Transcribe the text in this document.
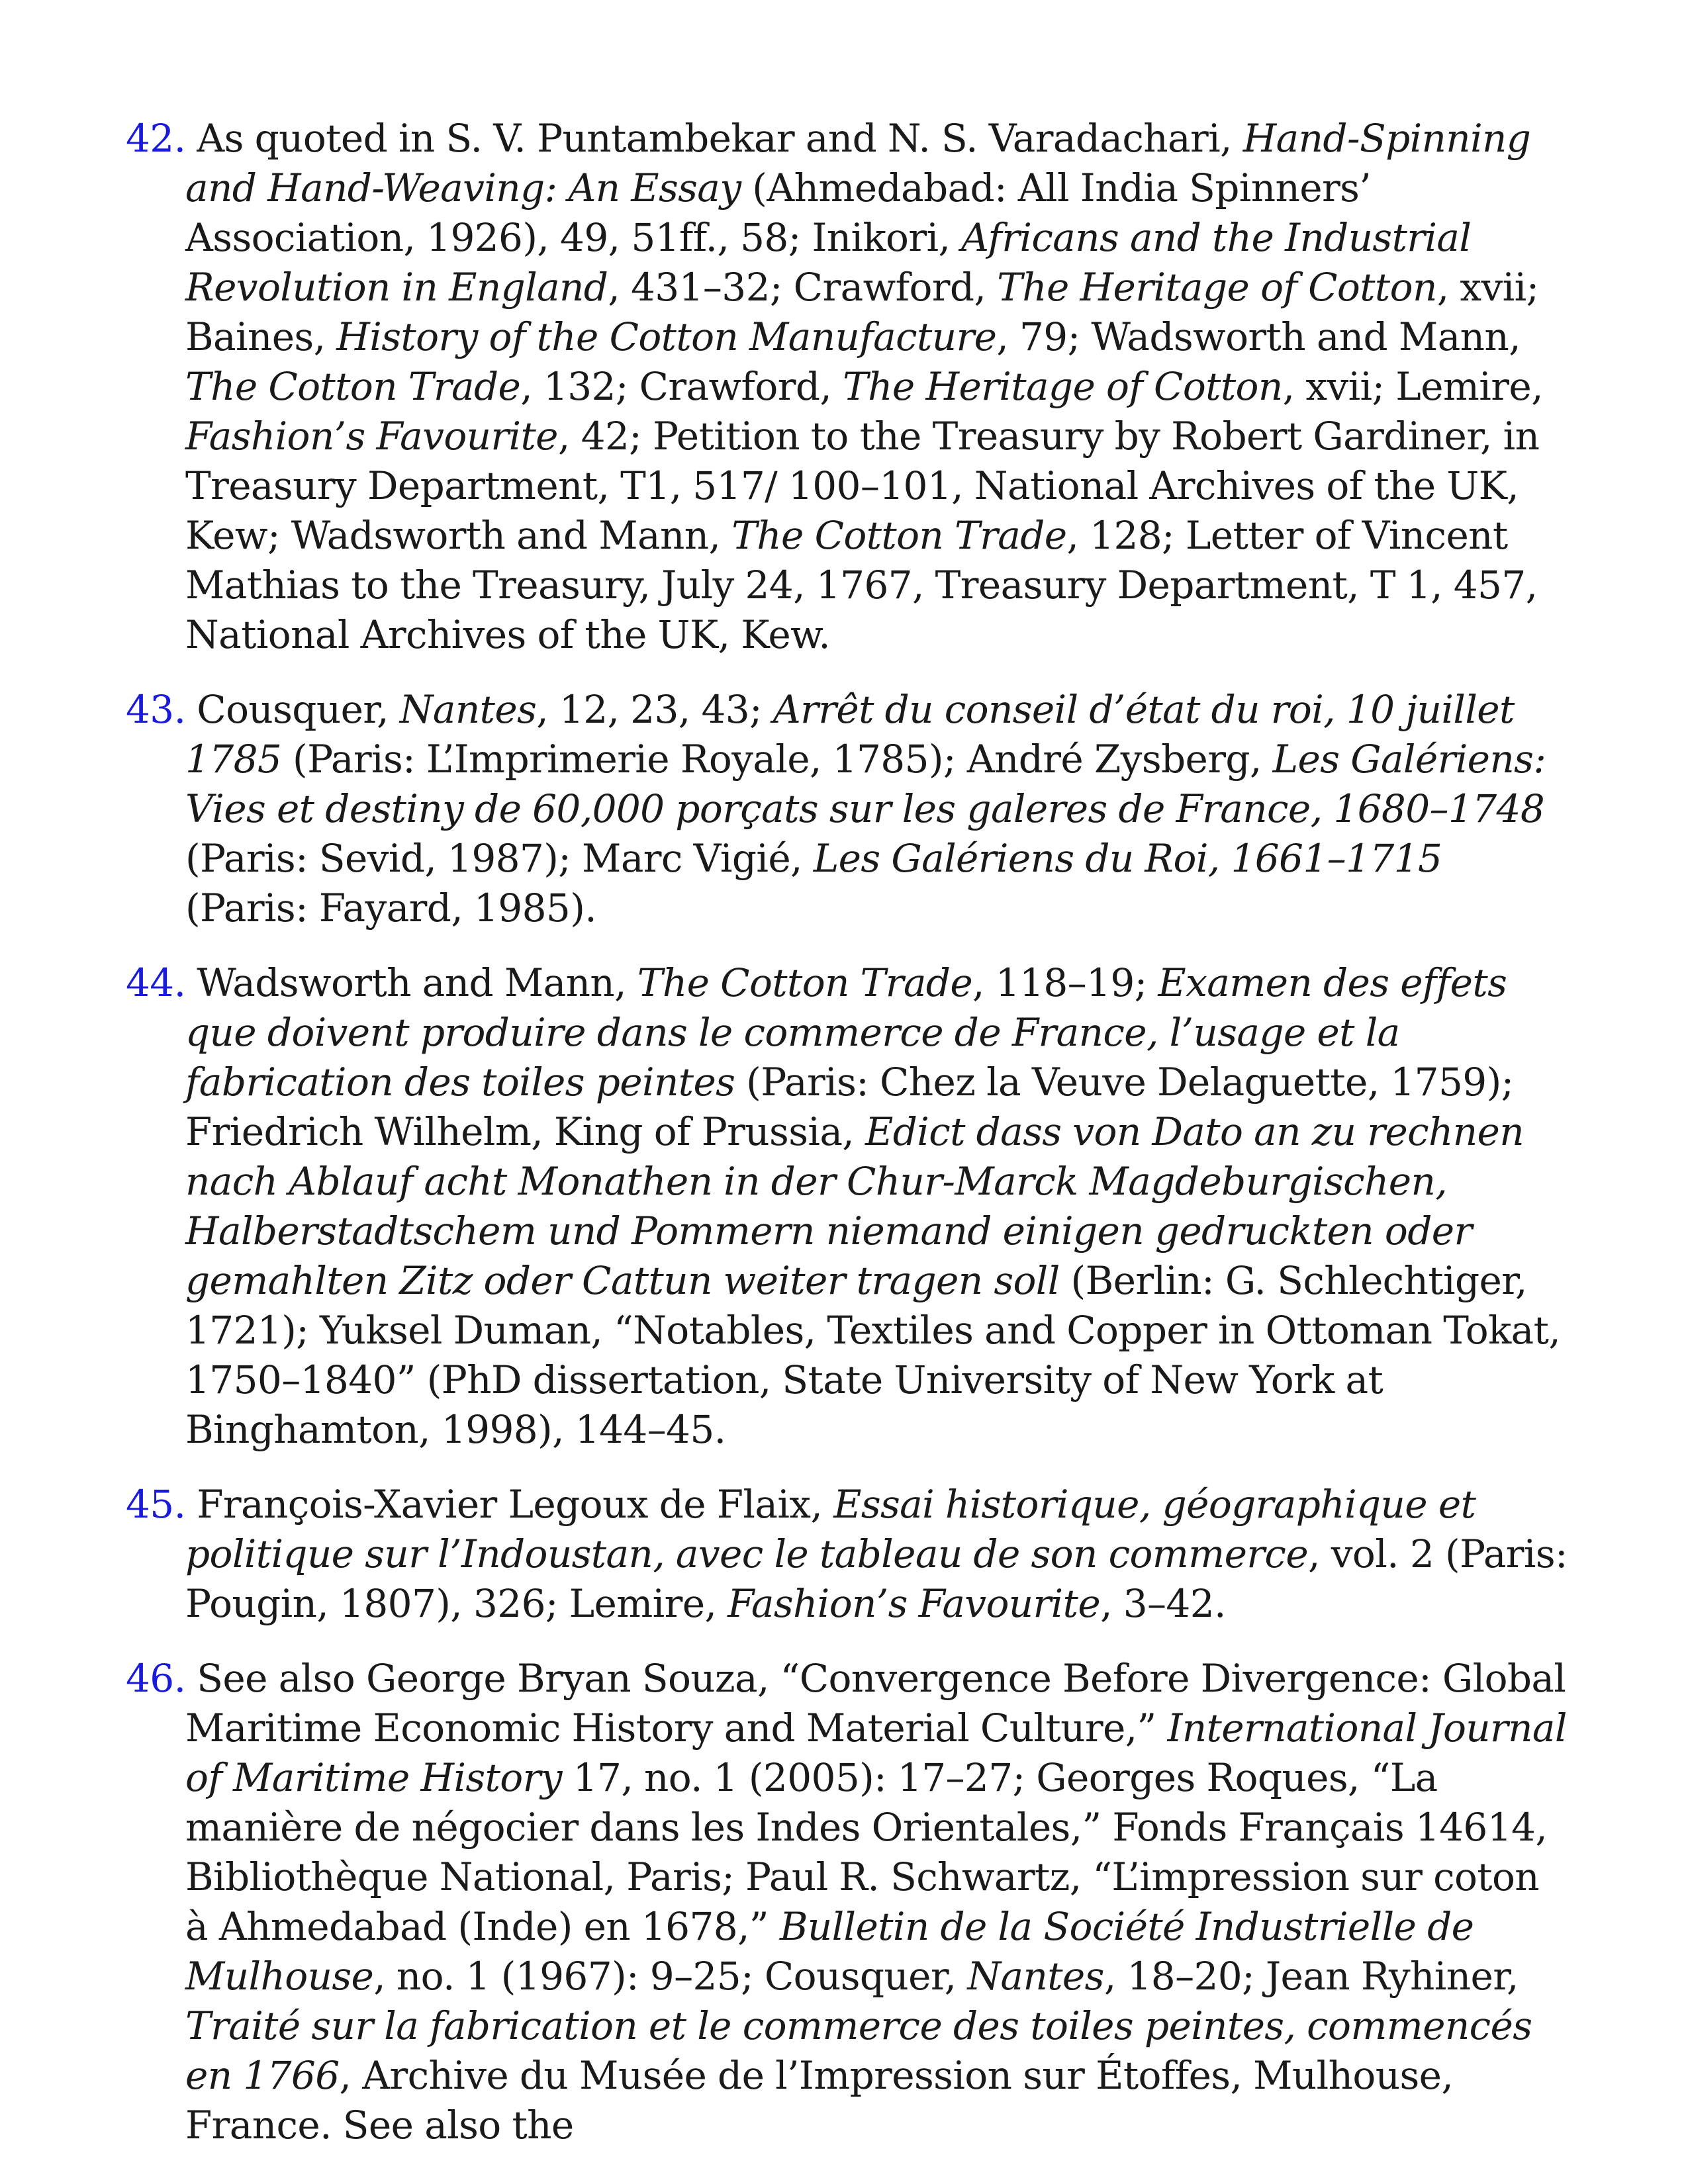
42. As quoted in S. V. Puntambekar and N. S. Varadachari, Hand-Spinning and Hand-Weaving: An Essay (Ahmedabad: All India Spinners’ Association, 1926), 49, 51ff., 58; Inikori, Africans and the Industrial Revolution in England, 431–32; Crawford, The Heritage of Cotton, xvii; Baines, History of the Cotton Manufacture, 79; Wadsworth and Mann, The Cotton Trade, 132; Crawford, The Heritage of Cotton, xvii; Lemire, Fashion’s Favourite, 42; Petition to the Treasury by Robert Gardiner, in Treasury Department, T1, 517/ 100–101, National Archives of the UK, Kew; Wadsworth and Mann, The Cotton Trade, 128; Letter of Vincent Mathias to the Treasury, July 24, 1767, Treasury Department, T 1, 457, National Archives of the UK, Kew.
43. Cousquer, Nantes, 12, 23, 43; Arrêt du conseil d’état du roi, 10 juillet 1785 (Paris: L’Imprimerie Royale, 1785); André Zysberg, Les Galériens: Vies et destiny de 60,000 porçats sur les galeres de France, 1680–1748 (Paris: Sevid, 1987); Marc Vigié, Les Galériens du Roi, 1661–1715 (Paris: Fayard, 1985).
44. Wadsworth and Mann, The Cotton Trade, 118–19; Examen des effets que doivent produire dans le commerce de France, l’usage et la fabrication des toiles peintes (Paris: Chez la Veuve Delaguette, 1759); Friedrich Wilhelm, King of Prussia, Edict dass von Dato an zu rechnen nach Ablauf acht Monathen in der Chur-Marck Magdeburgischen, Halberstadtschem und Pommern niemand einigen gedruckten oder gemahlten Zitz oder Cattun weiter tragen soll (Berlin: G. Schlechtiger, 1721); Yuksel Duman, “Notables, Textiles and Copper in Ottoman Tokat, 1750–1840” (PhD dissertation, State University of New York at Binghamton, 1998), 144–45.
45. François-Xavier Legoux de Flaix, Essai historique, géographique et politique sur l’Indoustan, avec le tableau de son commerce, vol. 2 (Paris: Pougin, 1807), 326; Lemire, Fashion’s Favourite, 3–42.
46. See also George Bryan Souza, “Convergence Before Divergence: Global Maritime Economic History and Material Culture,” International Journal of Maritime History 17, no. 1 (2005): 17–27; Georges Roques, “La manière de négocier dans les Indes Orientales,” Fonds Français 14614, Bibliothèque National, Paris; Paul R. Schwartz, “L’impression sur coton à Ahmedabad (Inde) en 1678,” Bulletin de la Société Industrielle de Mulhouse, no. 1 (1967): 9–25; Cousquer, Nantes, 18–20; Jean Ryhiner, Traité sur la fabrication et le commerce des toiles peintes, commencés en 1766, Archive du Musée de l’Impression sur Étoffes, Mulhouse, France. See also the
